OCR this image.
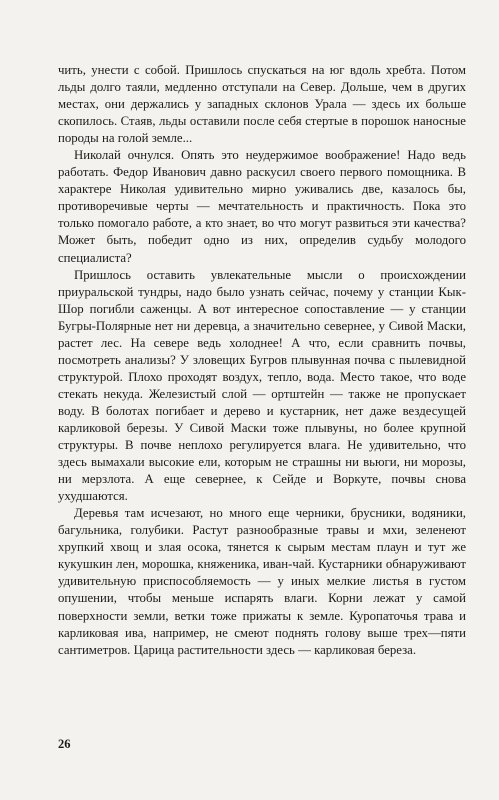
чить, унести с собой. Пришлось спускаться на юг вдоль хребта. Потом льды долго таяли, медленно отступали на Север. Дольше, чем в других местах, они держались у западных склонов Урала — здесь их больше скопилось. Стаяв, льды оставили после себя стертые в порошок наносные породы на голой земле...

Николай очнулся. Опять это неудержимое воображение! Надо ведь работать. Федор Иванович давно раскусил своего первого помощника. В характере Николая удивительно мирно уживались две, казалось бы, противоречивые черты — мечтательность и практичность. Пока это только помогало работе, а кто знает, во что могут развиться эти качества? Может быть, победит одно из них, определив судьбу молодого специалиста?

Пришлось оставить увлекательные мысли о происхождении приуральской тундры, надо было узнать сейчас, почему у станции Кык-Шор погибли саженцы. А вот интересное сопоставление — у станции Бугры-Полярные нет ни деревца, а значительно севернее, у Сивой Маски, растет лес. На севере ведь холоднее! А что, если сравнить почвы, посмотреть анализы? У зловещих Бугров плывунная почва с пылевидной структурой. Плохо проходят воздух, тепло, вода. Место такое, что воде стекать некуда. Железистый слой — ортштейн — также не пропускает воду. В болотах погибает и дерево и кустарник, нет даже вездесущей карликовой березы. У Сивой Маски тоже плывуны, но более крупной структуры. В почве неплохо регулируется влага. Не удивительно, что здесь вымахали высокие ели, которым не страшны ни вьюги, ни морозы, ни мерзлота. А еще севернее, к Сейде и Воркуте, почвы снова ухудшаются.

Деревья там исчезают, но много еще черники, брусники, водяники, багульника, голубики. Растут разнообразные травы и мхи, зеленеют хрупкий хвощ и злая осока, тянется к сырым местам плаун и тут же кукушкин лен, морошка, княженика, иван-чай. Кустарники обнаруживают удивительную приспособляемость — у иных мелкие листья в густом опушении, чтобы меньше испарять влаги. Корни лежат у самой поверхности земли, ветки тоже прижаты к земле. Куропаточья трава и карликовая ива, например, не смеют поднять голову выше трех—пяти сантиметров. Царица растительности здесь — карликовая береза.

26
